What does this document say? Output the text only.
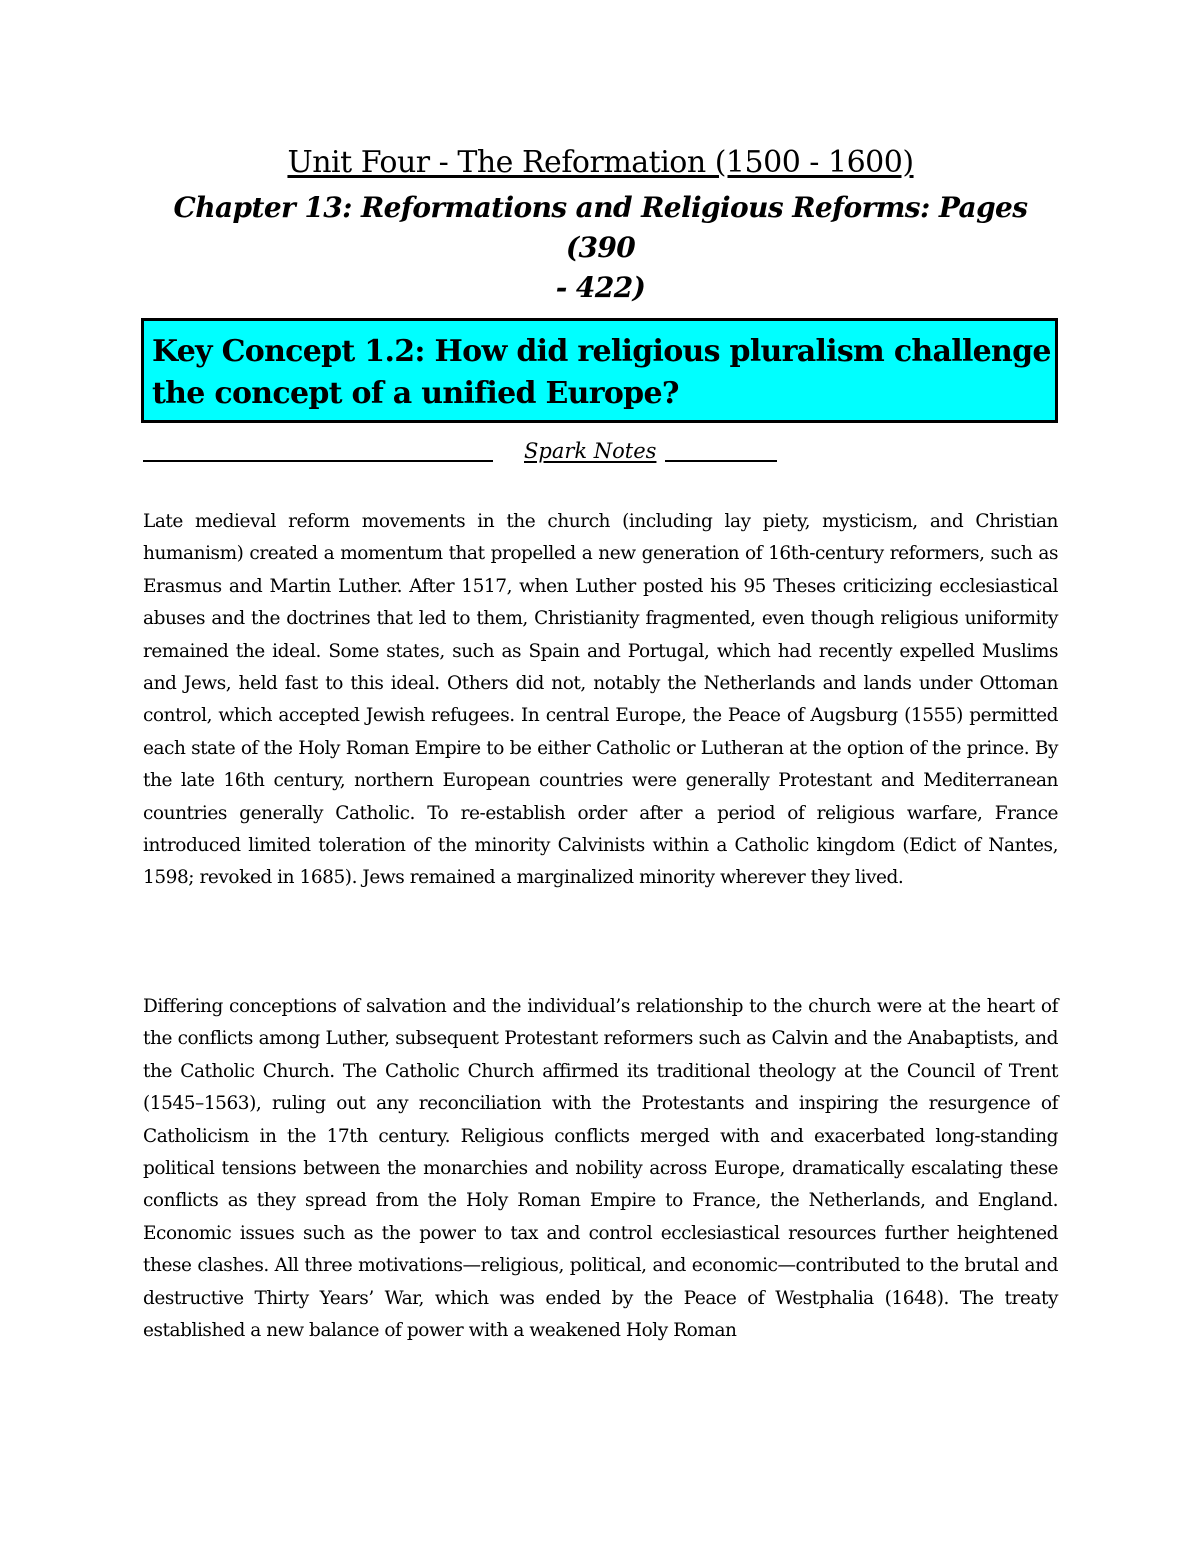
Unit Four - The Reformation (1500 - 1600)
Chapter 13: Reformations and Religious Reforms: Pages (390
- 422)
Key Concept 1.2: How did religious pluralism challenge
the concept of a unified Europe?
Spark Notes

Late medieval reform movements in the church (including lay piety, mysticism, and Christian humanism) created a momentum that propelled a new generation of 16th-century reformers, such as Erasmus and Martin Luther. After 1517, when Luther posted his 95 Theses criticizing ecclesiastical abuses and the doctrines that led to them, Christianity fragmented, even though religious uniformity remained the ideal. Some states, such as Spain and Portugal, which had recently expelled Muslims and Jews, held fast to this ideal. Others did not, notably the Netherlands and lands under Ottoman control, which accepted Jewish refugees. In central Europe, the Peace of Augsburg (1555) permitted each state of the Holy Roman Empire to be either Catholic or Lutheran at the option of the prince. By the late 16th century, northern European countries were generally Protestant and Mediterranean countries generally Catholic. To re-establish order after a period of religious warfare, France introduced limited toleration of the minority Calvinists within a Catholic kingdom (Edict of Nantes, 1598; revoked in 1685). Jews remained a marginalized minority wherever they lived.

Differing conceptions of salvation and the individual’s relationship to the church were at the heart of the conflicts among Luther, subsequent Protestant reformers such as Calvin and the Anabaptists, and the Catholic Church. The Catholic Church affirmed its traditional theology at the Council of Trent (1545–1563), ruling out any reconciliation with the Protestants and inspiring the resurgence of Catholicism in the 17th century. Religious conflicts merged with and exacerbated long-standing political tensions between the monarchies and nobility across Europe, dramatically escalating these conflicts as they spread from the Holy Roman Empire to France, the Netherlands, and England. Economic issues such as the power to tax and control ecclesiastical resources further heightened these clashes. All three motivations—religious, political, and economic—contributed to the brutal and destructive Thirty Years’ War, which was ended by the Peace of Westphalia (1648). The treaty established a new balance of power with a weakened Holy Roman
